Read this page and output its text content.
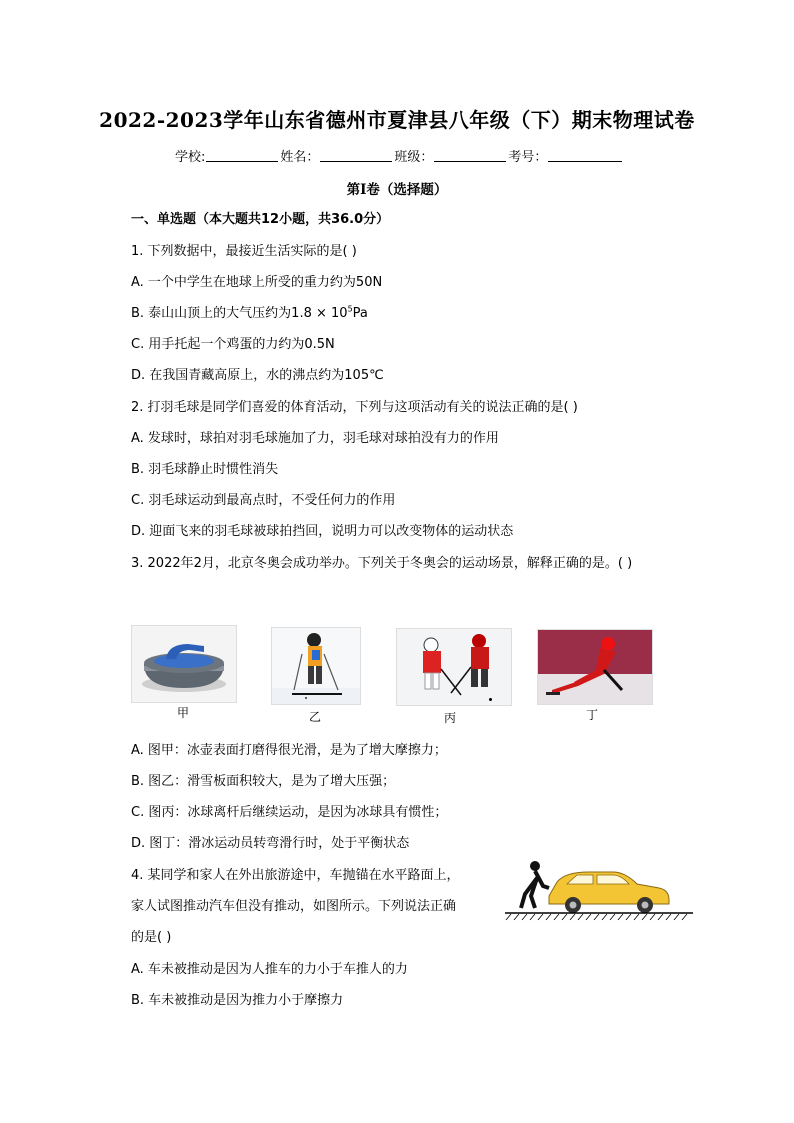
2022-2023学年山东省德州市夏津县八年级（下）期末物理试卷
学校:	姓名：	班级：	考号：
第Ⅰ卷（选择题）
一、单选题（本大题共12小题，共36.0分）
1. 下列数据中，最接近生活实际的是( )
A. 一个中学生在地球上所受的重力约为50N
B. 泰山山顶上的大气压约为$1.8 \times 10^5Pa$
C. 用手托起一个鸡蛋的力约为0.5N
D. 在我国青藏高原上，水的沸点约为105℃
2. 打羽毛球是同学们喜爱的体育活动，下列与这项活动有关的说法正确的是( )
A. 发球时，球拍对羽毛球施加了力，羽毛球对球拍没有力的作用
B. 羽毛球静止时惯性消失
C. 羽毛球运动到最高点时，不受任何力的作用
D. 迎面飞来的羽毛球被球拍挡回，说明力可以改变物体的运动状态
3. 2022年2月，北京冬奥会成功举办。下列关于冬奥会的运动场景，解释正确的是。( )
甲	乙	丙	丁
A. 图甲：冰壶表面打磨得很光滑，是为了增大摩擦力；
B. 图乙：滑雪板面积较大，是为了增大压强；
C. 图丙：冰球离杆后继续运动，是因为冰球具有惯性；
D. 图丁：滑冰运动员转弯滑行时，处于平衡状态
4. 某同学和家人在外出旅游途中，车抛锚在水平路面上，
家人试图推动汽车但没有推动，如图所示。下列说法正确
的是( )
A. 车未被推动是因为人推车的力小于车推人的力
B. 车未被推动是因为推力小于摩擦力
